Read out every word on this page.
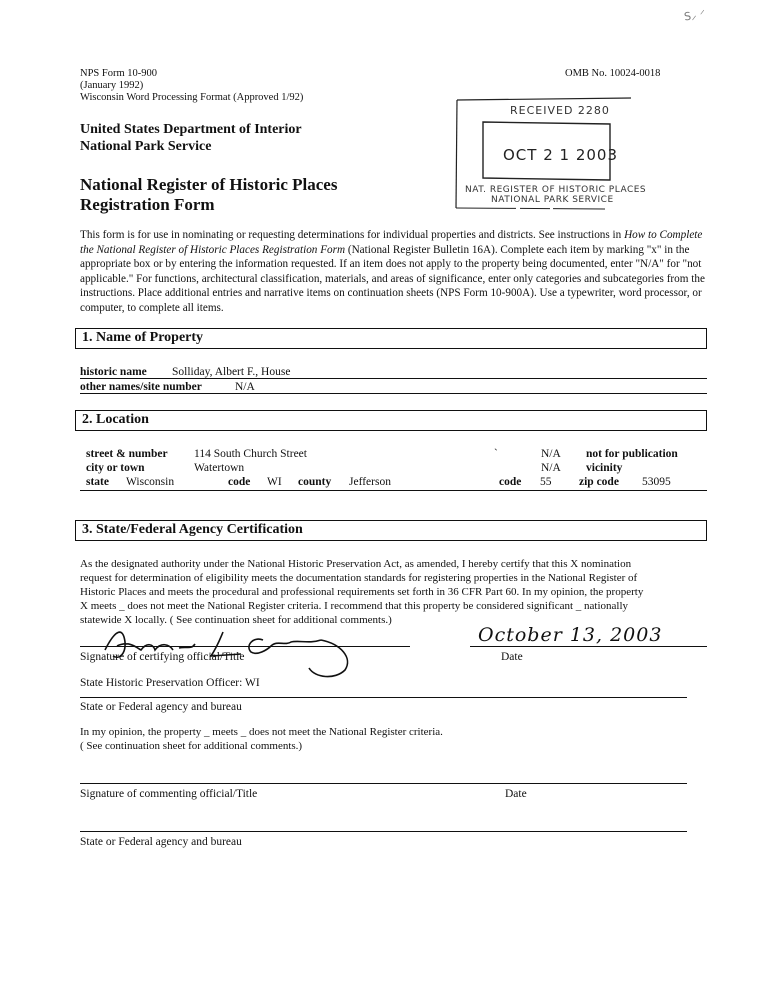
NPS Form 10-900
(January 1992)
Wisconsin Word Processing Format (Approved 1/92)
OMB No. 10024-0018
United States Department of Interior
National Park Service
National Register of Historic Places
Registration Form
ꓢ⸝ ⸍
RECEIVED 2280
OCT 2 1 2003
NAT. REGISTER OF HISTORIC PLACES
NATIONAL PARK SERVICE
This form is for use in nominating or requesting determinations for individual properties and districts. See instructions in How to Complete the National Register of Historic Places Registration Form (National Register Bulletin 16A). Complete each item by marking "x" in the appropriate box or by entering the information requested. If an item does not apply to the property being documented, enter "N/A" for "not applicable." For functions, architectural classification, materials, and areas of significance, enter only categories and subcategories from the instructions. Place additional entries and narrative items on continuation sheets (NPS Form 10-900A). Use a typewriter, word processor, or computer, to complete all items.
1. Name of Property
historic name Solliday, Albert F., House
other names/site number	N/A
2. Location
street & number 114 South Church Street	`	N/A not for publication
city or town	Watertown	N/A vicinity
state Wisconsin	code WI county Jefferson	code 55 zip code 53095
3. State/Federal Agency Certification
As the designated authority under the National Historic Preservation Act, as amended, I hereby certify that this X nomination
request for determination of eligibility meets the documentation standards for registering properties in the National Register of
Historic Places and meets the procedural and professional requirements set forth in 36 CFR Part 60. In my opinion, the property
X meets _ does not meet the National Register criteria. I recommend that this property be considered significant _ nationally
statewide X locally. ( See continuation sheet for additional comments.)
October 13, 2003
Signature of certifying official/Title	Date
State Historic Preservation Officer: WI
State or Federal agency and bureau
In my opinion, the property _ meets _ does not meet the National Register criteria.
( See continuation sheet for additional comments.)
Signature of commenting official/Title	Date
State or Federal agency and bureau
